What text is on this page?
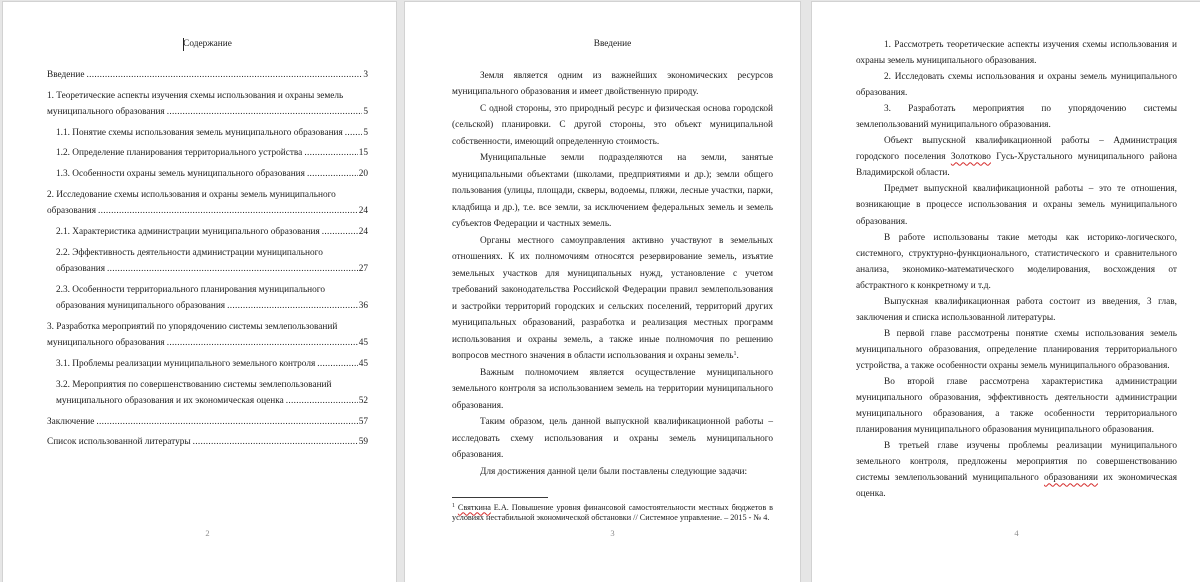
Содержание
Введение .....	3
1. Теоретические аспекты изучения схемы использования и охраны земель
муниципального образования .....	5
1.1. Понятие схемы использования земель муниципального образования ..... 5
1.2. Определение планирования территориального устройства .....	15
1.3. Особенности охраны земель муниципального образования .....	20
2. Исследование схемы использования и охраны земель муниципального
образования .....	24
2.1. Характеристика администрации муниципального образования .....	24
2.2. Эффективность деятельности администрации муниципального
образования .....	27
2.3. Особенности территориального планирования муниципального
образования муниципального образования .....	36
3. Разработка мероприятий по упорядочению системы землепользований
муниципального образования .....	45
3.1. Проблемы реализации муниципального земельного контроля .....	45
3.2. Мероприятия по совершенствованию системы землепользований
муниципального образования и их экономическая оценка .....	52
Заключение .....	57
Список использованной литературы .....	59
2
Введение
Земля является одним из важнейших экономических ресурсов
муниципального образования и имеет двойственную природу.
С одной стороны, это природный ресурс и физическая основа городской
(сельской) планировки. С другой стороны, это объект муниципальной
собственности, имеющий определенную стоимость.
Муниципальные земли подразделяются на земли, занятые
муниципальными объектами (школами, предприятиями и др.); земли общего
пользования (улицы, площади, скверы, водоемы, пляжи, лесные участки, парки,
кладбища и др.), т.е. все земли, за исключением федеральных земель и земель
субъектов Федерации и частных земель.
Органы местного самоуправления активно участвуют в земельных
отношениях. К их полномочиям относятся резервирование земель, изъятие
земельных участков для муниципальных нужд, установление с учетом
требований законодательства Российской Федерации правил землепользования
и застройки территорий городских и сельских поселений, территорий других
муниципальных образований, разработка и реализация местных программ
использования и охраны земель, а также иные полномочия по решению
вопросов местного значения в области использования и охраны земель$^1$.
Важным полномочием является осуществление муниципального
земельного контроля за использованием земель на территории муниципального
образования.
Таким образом, цель данной выпускной квалификационной работы –
исследовать схему использования и охраны земель муниципального
образования.
Для достижения данной цели были поставлены следующие задачи:
$^1$ Святкина Е.А. Повышение уровня финансовой самостоятельности местных бюджетов в
условиях нестабильной экономической обстановки // Системное управление. – 2015 - № 4.
3
1. Рассмотреть теоретические аспекты изучения схемы использования и
охраны земель муниципального образования.
2. Исследовать схемы использования и охраны земель муниципального
образования.
3. Разработать мероприятия по упорядочению системы
землепользований муниципального образования.
Объект выпускной квалификационной работы – Администрация
городского поселения Золотково Гусь-Хрустального муниципального района
Владимирской области.
Предмет выпускной квалификационной работы – это те отношения,
возникающие в процессе использования и охраны земель муниципального
образования.
В работе использованы такие методы как историко-логического,
системного, структурно-функционального, статистического и сравнительного
анализа, экономико-математического моделирования, восхождения от
абстрактного к конкретному и т.д.
Выпускная квалификационная работа состоит из введения, 3 глав,
заключения и списка использованной литературы.
В первой главе рассмотрены понятие схемы использования земель
муниципального образования, определение планирования территориального
устройства, а также особенности охраны земель муниципального образования.
Во второй главе рассмотрена характеристика администрации
муниципального образования, эффективность деятельности администрации
муниципального образования, а также особенности территориального
планирования муниципального образования муниципального образования.
В третьей главе изучены проблемы реализации муниципального
земельного контроля, предложены мероприятия по совершенствованию
системы землепользований муниципального образованияи их экономическая
оценка.
4
